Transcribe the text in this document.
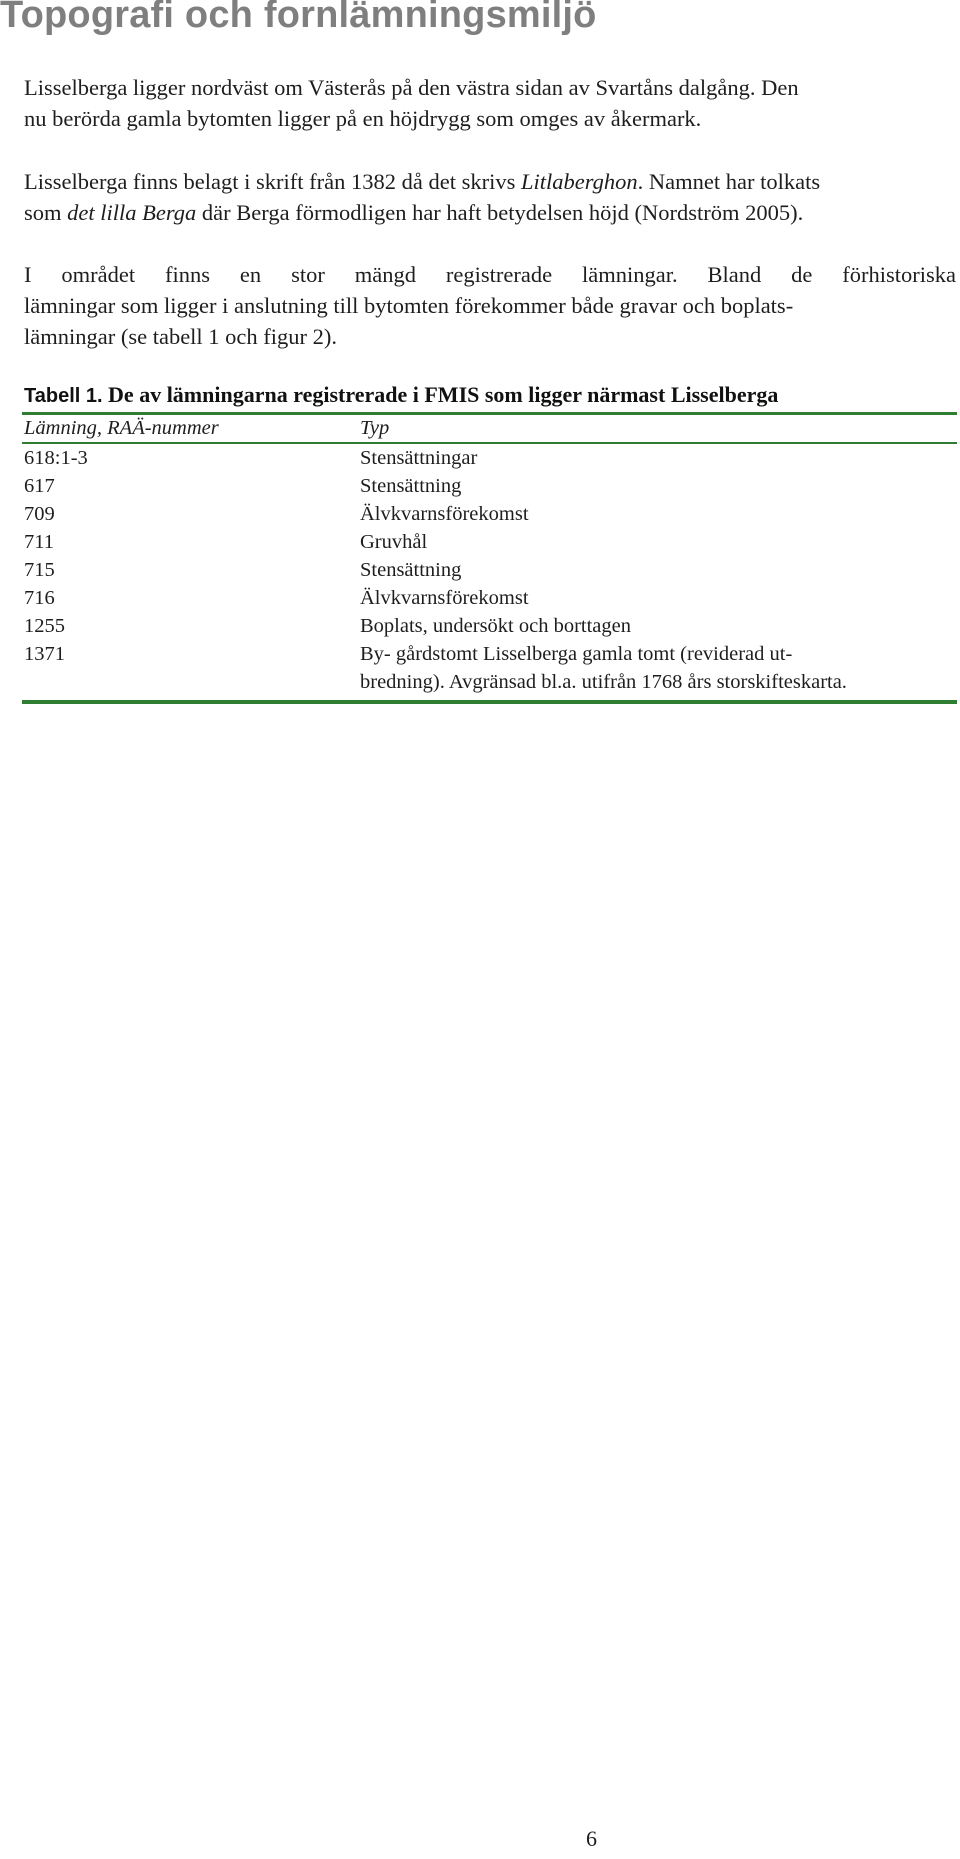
Topografi och fornlämningsmiljö

Lisselberga ligger nordväst om Västerås på den västra sidan av Svartåns dalgång. Den
nu berörda gamla bytomten ligger på en höjdrygg som omges av åkermark.

Lisselberga finns belagt i skrift från 1382 då det skrivs Litlaberghon. Namnet har tolkats
som det lilla Berga där Berga förmodligen har haft betydelsen höjd (Nordström 2005).

I området finns en stor mängd registrerade lämningar. Bland de förhistoriska
lämningar som ligger i anslutning till bytomten förekommer både gravar och boplats-
lämningar (se tabell 1 och figur 2).

Tabell 1. De av lämningarna registrerade i FMIS som ligger närmast Lisselberga

Lämning, RAÄ-nummer	Typ
618:1-3	Stensättningar
617	Stensättning
709	Älvkvarnsförekomst
711	Gruvhål
715	Stensättning
716	Älvkvarnsförekomst
1255	Boplats, undersökt och borttagen
1371	By- gårdstomt Lisselberga gamla tomt (reviderad ut-
bredning). Avgränsad bl.a. utifrån 1768 års storskifteskarta.

6
